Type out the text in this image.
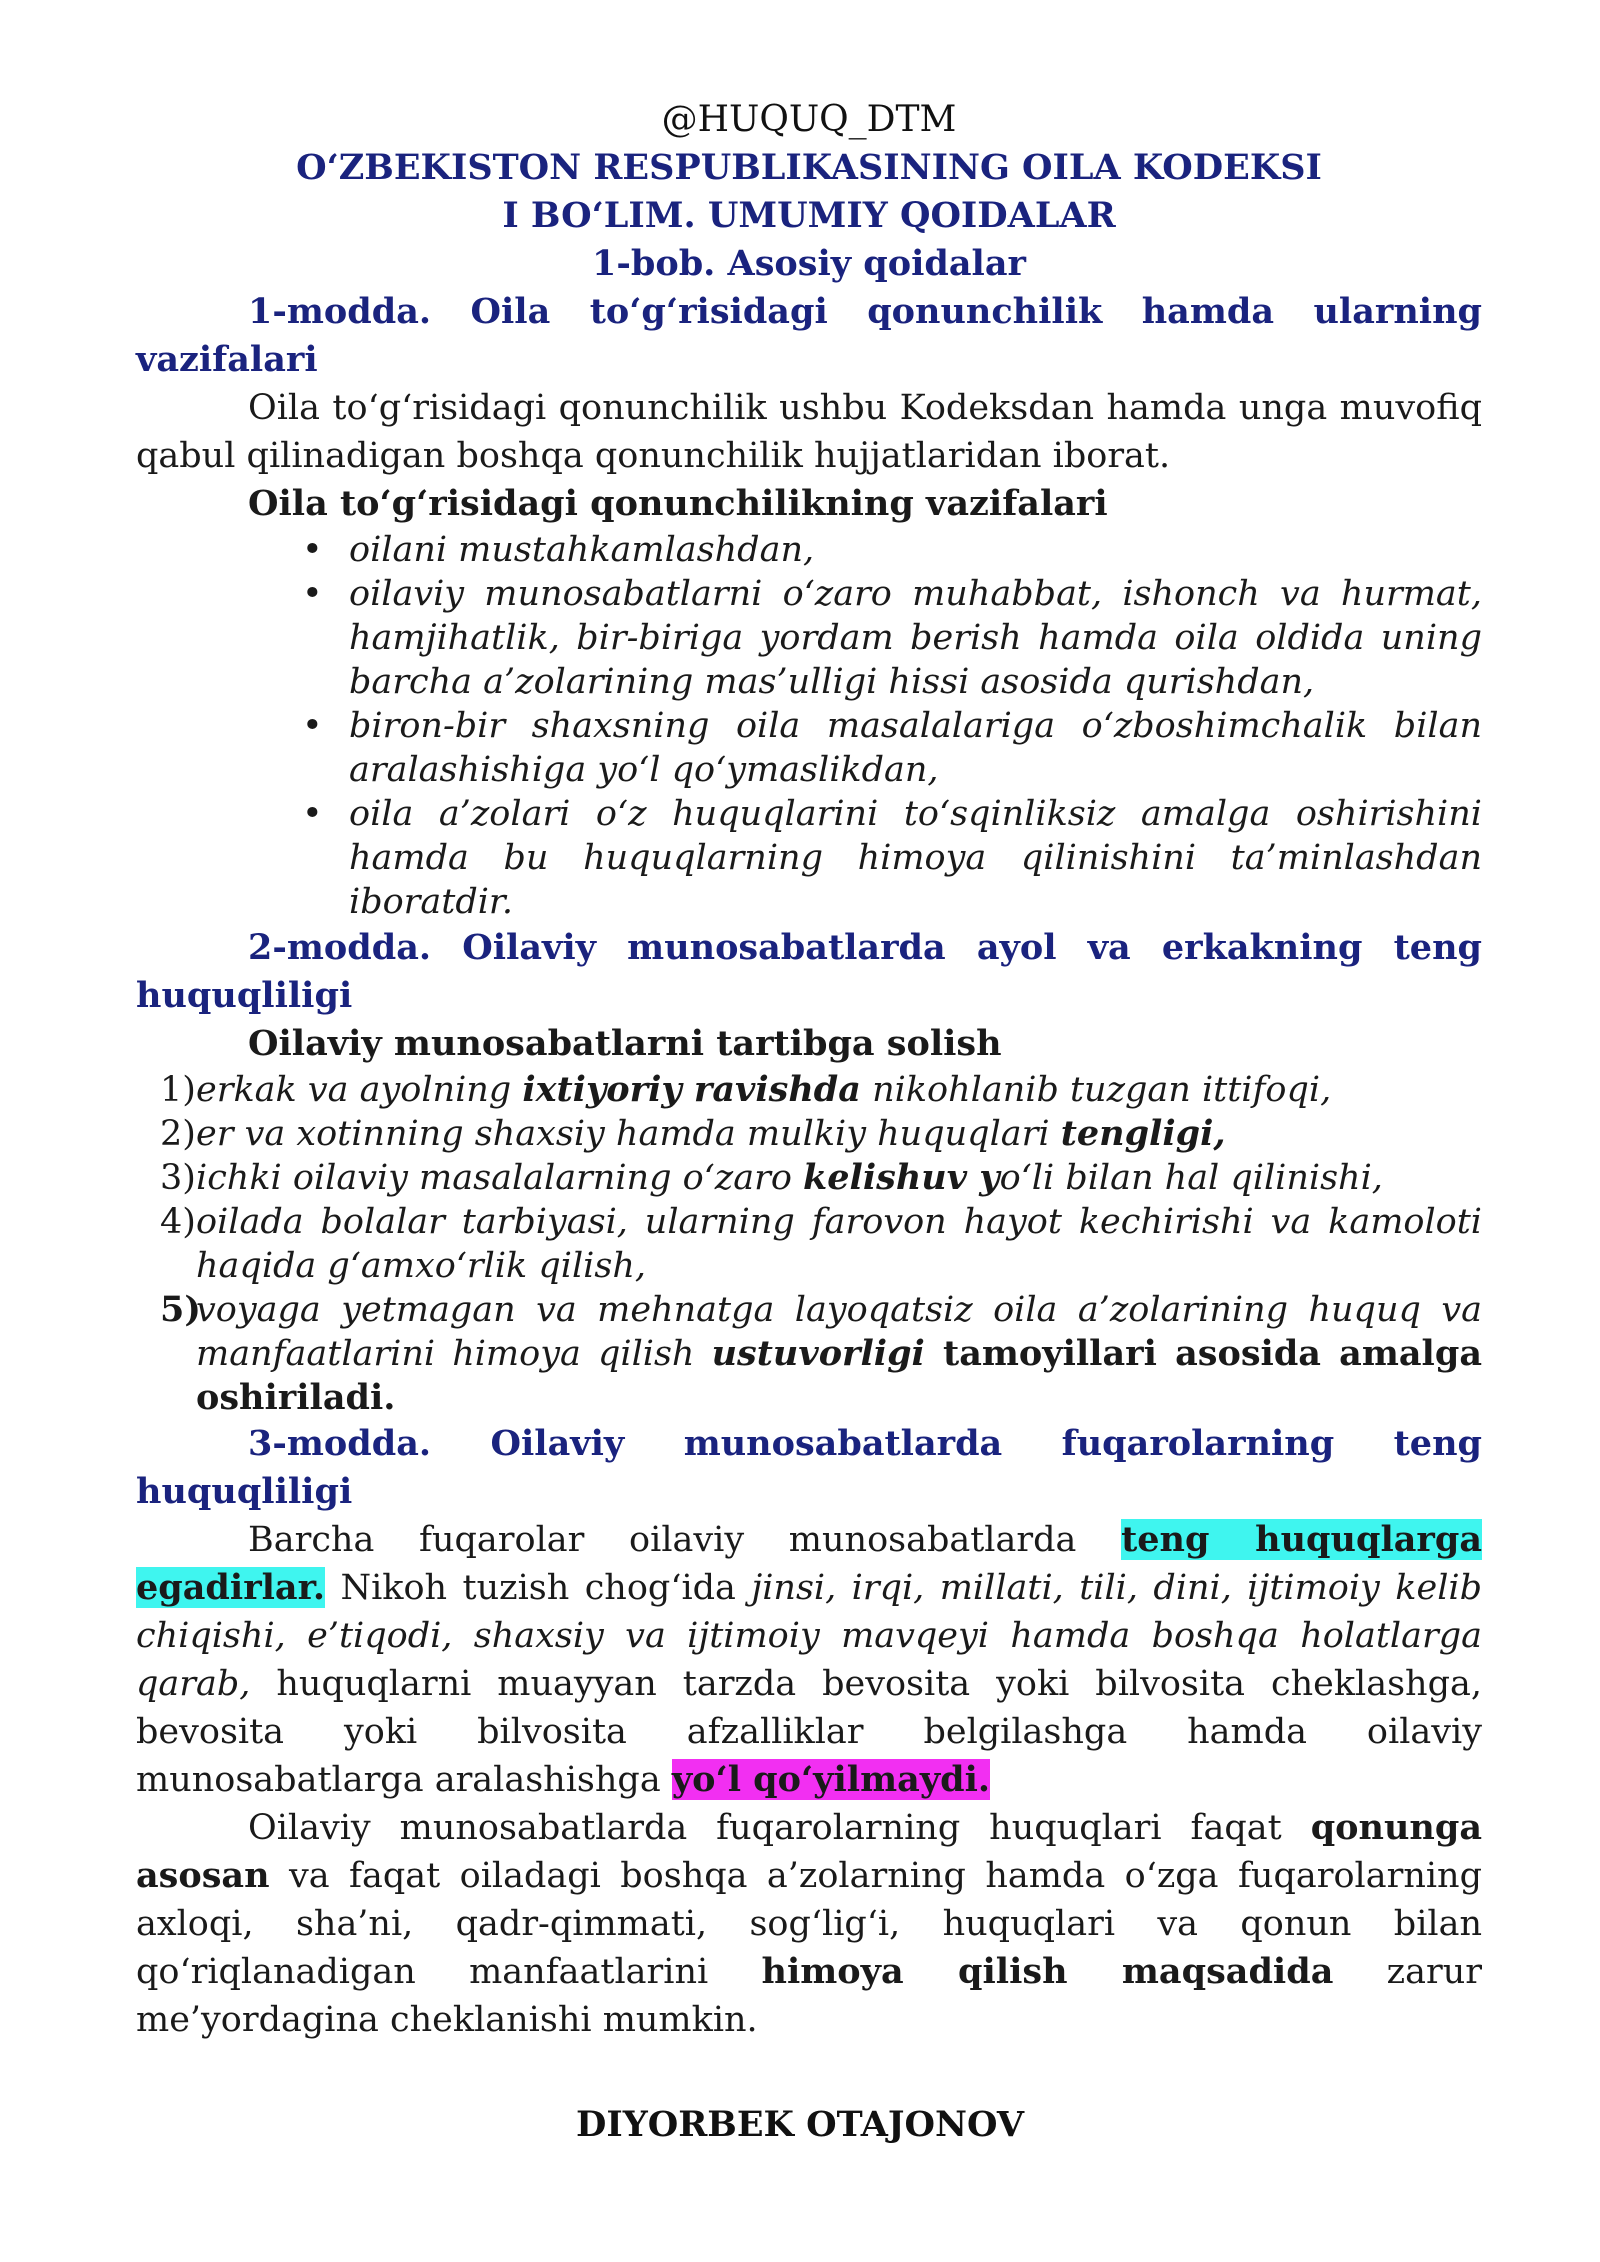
@HUQUQ_DTM
O‘ZBEKISTON RESPUBLIKASINING OILA KODEKSI
I BO‘LIM. UMUMIY QOIDALAR
1-bob. Asosiy qoidalar

1-modda. Oila to‘g‘risidagi qonunchilik hamda ularning vazifalari

Oila to‘g‘risidagi qonunchilik ushbu Kodeksdan hamda unga muvofiq qabul qilinadigan boshqa qonunchilik hujjatlaridan iborat.

Oila to‘g‘risidagi qonunchilikning vazifalari

• oilani mustahkamlashdan,
• oilaviy munosabatlarni o‘zaro muhabbat, ishonch va hurmat, hamjihatlik, bir-biriga yordam berish hamda oila oldida uning barcha a’zolarining mas’ulligi hissi asosida qurishdan,
• biron-bir shaxsning oila masalalariga o‘zboshimchalik bilan aralashishiga yo‘l qo‘ymaslikdan,
• oila a’zolari o‘z huquqlarini to‘sqinliksiz amalga oshirishini hamda bu huquqlarning himoya qilinishini ta’minlashdan iboratdir.

2-modda. Oilaviy munosabatlarda ayol va erkakning teng huquqliligi

Oilaviy munosabatlarni tartibga solish

1) erkak va ayolning ixtiyoriy ravishda nikohlanib tuzgan ittifoqi,
2) er va xotinning shaxsiy hamda mulkiy huquqlari tengligi,
3) ichki oilaviy masalalarning o‘zaro kelishuv yo‘li bilan hal qilinishi,
4) oilada bolalar tarbiyasi, ularning farovon hayot kechirishi va kamoloti haqida g‘amxo‘rlik qilish,
5)
voyaga yetmagan va mehnatga layoqatsiz oila a’zolarining huquq va manfaatlarini himoya qilish ustuvorligi tamoyillari asosida amalga oshiriladi.

3-modda. Oilaviy munosabatlarda fuqarolarning teng huquqliligi

Barcha fuqarolar oilaviy munosabatlarda teng huquqlarga egadirlar. Nikoh tuzish chog‘ida jinsi, irqi, millati, tili, dini, ijtimoiy kelib chiqishi, e’tiqodi, shaxsiy va ijtimoiy mavqeyi hamda boshqa holatlarga qarab, huquqlarni muayyan tarzda bevosita yoki bilvosita cheklashga, bevosita yoki bilvosita afzalliklar belgilashga hamda oilaviy munosabatlarga aralashishga yo‘l qo‘yilmaydi.

Oilaviy munosabatlarda fuqarolarning huquqlari faqat qonunga asosan va faqat oiladagi boshqa a’zolarning hamda o‘zga fuqarolarning axloqi, sha’ni, qadr-qimmati, sog‘lig‘i, huquqlari va qonun bilan qo‘riqlanadigan manfaatlarini himoya qilish maqsadida zarur me’yordagina cheklanishi mumkin.

DIYORBEK OTAJONOV
